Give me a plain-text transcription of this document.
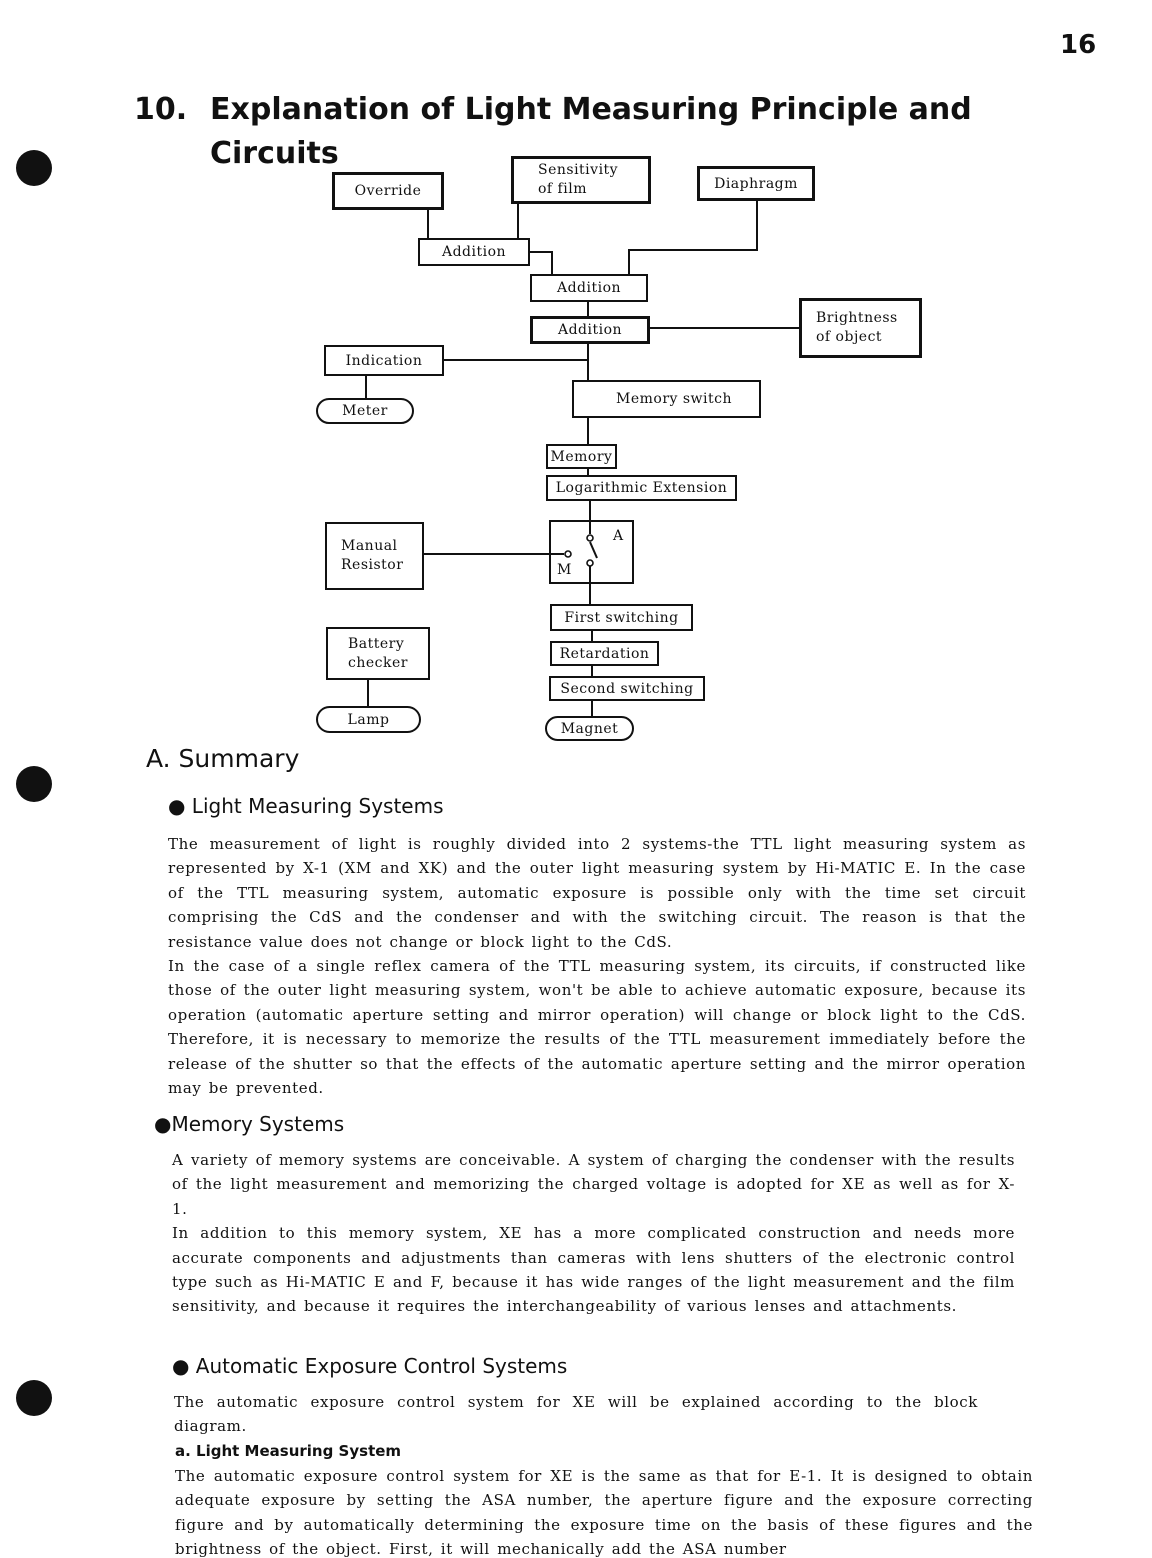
16
10. Explanation of Light Measuring Principle and
Circuits
Override
Sensitivity
of film	Diaphragm
Addition
Addition
Addition
Brightness
of object
Indication
Meter
Memory switch
Memory
Logarithmic Extension
Manual
Resistor
A
M
First switching
Battery
checker
Retardation
Second switching
Lamp
Magnet
A. Summary
● Light Measuring Systems

The measurement of light is roughly divided into 2 systems-the TTL light measuring system as represented by X-1 (XM and XK) and the outer light measuring system by Hi-MATIC E. In the case of the TTL measuring system, automatic exposure is possible only with the time set circuit comprising the CdS and the condenser and with the switching circuit. The reason is that the resistance value does not change or block light to the CdS.

In the case of a single reflex camera of the TTL measuring system, its circuits, if constructed like those of the outer light measuring system, won't be able to achieve automatic exposure, because its operation (automatic aperture setting and mirror operation) will change or block light to the CdS. Therefore, it is necessary to memorize the results of the TTL measurement immediately before the release of the shutter so that the effects of the automatic aperture setting and the mirror operation may be prevented.

●Memory Systems

A variety of memory systems are conceivable. A system of charging the condenser with the results of the light measurement and memorizing the charged voltage is adopted for XE as well as for X-1.

In addition to this memory system, XE has a more complicated construction and needs more accurate components and adjustments than cameras with lens shutters of the electronic control type such as Hi-MATIC E and F, because it has wide ranges of the light measurement and the film sensitivity, and because it requires the interchangeability of various lenses and attachments.

● Automatic Exposure Control Systems

The automatic exposure control system for XE will be explained according to the block diagram.

a. Light Measuring System

The automatic exposure control system for XE is the same as that for E-1. It is designed to obtain adequate exposure by setting the ASA number, the aperture figure and the exposure correcting figure and by automatically determining the exposure time on the basis of these figures and the brightness of the object. First, it will mechanically add the ASA number
